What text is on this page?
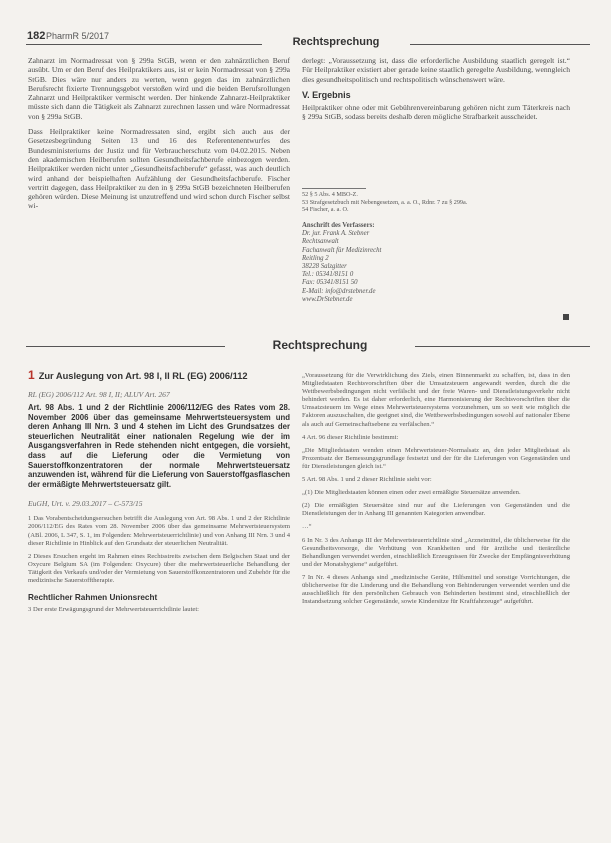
182 PharmR 5/2017	Rechtsprechung

Zahnarzt im Normadressat von § 299a StGB, wenn er den zahnärztlichen Beruf ausübt. Um er den Beruf des Heilpraktikers aus, ist er kein Normadressat von § 299a StGB. Dies wäre nur anders zu werten, wenn gegen das im zahnärztlichen Berufsrecht fixierte Trennungsgebot verstoßen wird und die beiden Berufsrollungen Zahnarzt und Heilpraktiker vermischt werden. Der hinkende Zahnarzt-Heilpraktiker müsste sich dann die Tätigkeit als Zahnarzt zurechnen lassen und wäre Normadressat von § 299a StGB.

Dass Heilpraktiker keine Normadressaten sind, ergibt sich auch aus der Gesetzesbegründung Seiten 13 und 16 des Referentenentwurfes des Bundesministeriums der Justiz und für Verbraucherschutz vom 04.02.2015. Neben den akademischen Heilberufen sollten Gesundheitsfachberufe einbezogen werden. Heilpraktiker werden nicht unter „Gesundheitsfachberufe“ gefasst, was auch deutlich wird anhand der beispielhaften Aufzählung der Gesundheitsfachberufe. Fischer vertritt dagegen, dass Heilpraktiker zu den in § 299a StGB bezeichneten Heilberufen gehören würden. Diese Meinung ist unzutreffend und wird schon durch Fischer selbst wi-

derlegt: „Voraussetzung ist, dass die erforderliche Ausbildung staatlich geregelt ist.“ Für Heilpraktiker existiert aber gerade keine staatlich geregelte Ausbildung, wenngleich dies gesundheitspolitisch und rechtspolitisch wünschenswert wäre.

V. Ergebnis

Heilpraktiker ohne oder mit Gebührenvereinbarung gehören nicht zum Täterkreis nach § 299a StGB, sodass bereits deshalb deren mögliche Strafbarkeit ausscheidet.

52 § 5 Abs. 4 MBO-Z.
53 Strafgesetzbuch mit Nebengesetzen, a. a. O., Rdnr. 7 zu § 299a.
54 Fischer, a. a. O.
Anschrift des Verfassers:
Dr. jur. Frank A. Stebner
Rechtsanwalt
Fachanwalt für Medizinrecht
Reitling 2
38228 Salzgitter
Tel.: 05341/8151 0
Fax: 05341/8151 50
E-Mail: info@drstebner.de
www.DrStebner.de
Rechtsprechung
1 Zur Auslegung von Art. 98 I, II RL (EG) 2006/112
RL (EG) 2006/112 Art. 98 I, II; ALUV Art. 267
Art. 98 Abs. 1 und 2 der Richtlinie 2006/112/EG des Rates vom 28. November 2006 über das gemeinsame Mehrwertsteuersystem und deren Anhang III Nrn. 3 und 4 stehen im Licht des Grundsatzes der steuerlichen Neutralität einer nationalen Regelung wie der im Ausgangsverfahren in Rede stehenden nicht entgegen, die vorsieht, dass auf die Lieferung oder die Vermietung von Sauerstoffkonzentratoren der normale Mehrwertsteuersatz anzuwenden ist, während für die Lieferung von Sauerstoffgasflaschen der ermäßigte Mehrwertsteuersatz gilt.
EuGH, Urt. v. 29.03.2017 – C-573/15

1 Das Vorabentscheidungsersuchen betrifft die Auslegung von Art. 98 Abs. 1 und 2 der Richtlinie 2006/112/EG des Rates vom 28. November 2006 über das gemeinsame Mehrwertsteuersystem (ABl. 2006, L 347, S. 1, im Folgenden: Mehrwertsteuerrichtlinie) und von Anhang III Nrn. 3 und 4 dieser Richtlinie in Hinblick auf den Grundsatz der steuerlichen Neutralität.

2 Dieses Ersuchen ergeht im Rahmen eines Rechtsstreits zwischen dem Belgischen Staat und der Oxycure Belgium SA (im Folgenden: Oxycure) über die mehrwertsteuerliche Behandlung der Tätigkeit des Verkaufs und/oder der Vermietung von Sauerstoffkonzentratoren und Zubehör für die medizinische Sauerstofftherapie.

Rechtlicher Rahmen Unionsrecht

3 Der erste Erwägungsgrund der Mehrwertsteuerrichtlinie lautet:

„Voraussetzung für die Verwirklichung des Ziels, einen Binnenmarkt zu schaffen, ist, dass in den Mitgliedstaaten Rechtsvorschriften über die Umsatzsteuern angewandt werden, durch die die Wettbewerbsbedingungen nicht verfälscht und der freie Waren- und Dienstleistungsverkehr nicht behindert werden. Es ist daher erforderlich, eine Harmonisierung der Rechtsvorschriften über die Umsatzsteuern im Wege eines Mehrwertsteuersystems vorzunehmen, um so weit wie möglich die Faktoren auszuschalten, die geeignet sind, die Wettbewerbsbedingungen sowohl auf nationaler Ebene als auch auf Gemeinschaftsebene zu verfälschen.“

4 Art. 96 dieser Richtlinie bestimmt:

„Die Mitgliedstaaten wenden einen Mehrwertsteuer-Normalsatz an, den jeder Mitgliedstaat als Prozentsatz der Bemessungsgrundlage festsetzt und der für die Lieferungen von Gegenständen und für Dienstleistungen gleich ist.“

5 Art. 98 Abs. 1 und 2 dieser Richtlinie sieht vor:

„(1) Die Mitgliedstaaten können einen oder zwei ermäßigte Steuersätze anwenden.

(2) Die ermäßigten Steuersätze sind nur auf die Lieferungen von Gegenständen und die Dienstleistungen der in Anhang III genannten Kategorien anwendbar.

…“

6 In Nr. 3 des Anhangs III der Mehrwertsteuerrichtlinie sind „Arzneimittel, die üblicherweise für die Gesundheitsvorsorge, die Verhütung von Krankheiten und für ärztliche und tierärztliche Behandlungen verwendet werden, einschließlich Erzeugnissen für Zwecke der Empfängnisverhütung und der Monatshygiene“ aufgeführt.

7 In Nr. 4 dieses Anhangs sind „medizinische Geräte, Hilfsmittel und sonstige Vorrichtungen, die üblicherweise für die Linderung und die Behandlung von Behinderungen verwendet werden und die ausschließlich für den persönlichen Gebrauch von Behinderten bestimmt sind, einschließlich der Instandsetzung solcher Gegenstände, sowie Kindersitze für Kraftfahrzeuge“ aufgeführt.
